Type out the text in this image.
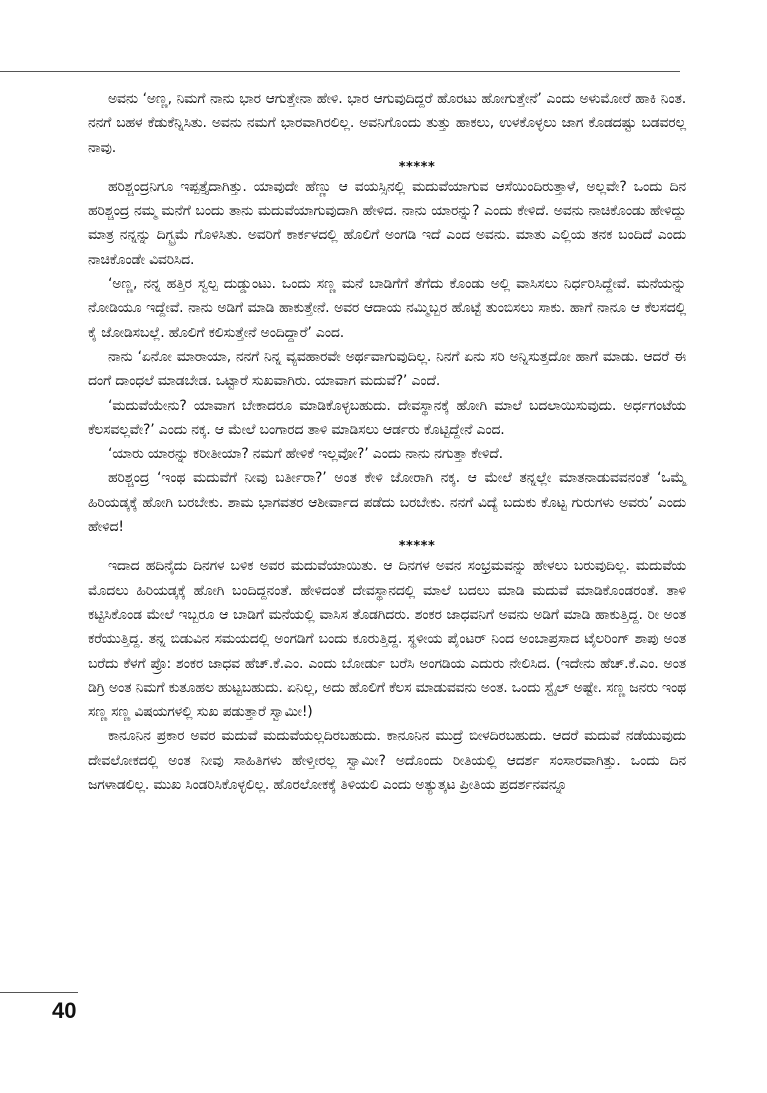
ಅವನು ‘ಅಣ್ಣ, ನಿಮಗೆ ನಾನು ಭಾರ ಆಗುತ್ತೇನಾ ಹೇಳಿ. ಭಾರ ಆಗುವುದಿದ್ದರೆ ಹೊರಟು ಹೋಗುತ್ತೇನೆ’ ಎಂದು ಅಳುಮೋರೆ ಹಾಕಿ ನಿಂತ. ನನಗೆ ಬಹಳ ಕೆಡುಕೆನ್ನಿಸಿತು. ಅವನು ನಮಗೆ ಭಾರವಾಗಿರಲಿಲ್ಲ. ಅವನಿಗೊಂದು ತುತ್ತು ಹಾಕಲು, ಉಳಕೊಳ್ಳಲು ಜಾಗ ಕೊಡದಷ್ಟು ಬಡವರಲ್ಲ ನಾವು.

*****

ಹರಿಶ್ಚಂದ್ರನಿಗೂ ಇಪ್ಪತ್ತೈದಾಗಿತ್ತು. ಯಾವುದೇ ಹೆಣ್ಣು ಆ ವಯಸ್ಸಿನಲ್ಲಿ ಮದುವೆಯಾಗುವ ಆಸೆಯಿಂದಿರುತ್ತಾಳೆ, ಅಲ್ಲವೇ? ಒಂದು ದಿನ ಹರಿಶ್ಚಂದ್ರ ನಮ್ಮ ಮನೆಗೆ ಬಂದು ತಾನು ಮದುವೆಯಾಗುವುದಾಗಿ ಹೇಳಿದ. ನಾನು ಯಾರನ್ನು? ಎಂದು ಕೇಳಿದೆ. ಅವನು ನಾಚಿಕೊಂಡು ಹೇಳಿದ್ದು ಮಾತ್ರ ನನ್ನನ್ನು ದಿಗ್ಭ್ರಮೆ ಗೊಳಿಸಿತು. ಅವರಿಗೆ ಕಾರ್ಕಳದಲ್ಲಿ ಹೊಲಿಗೆ ಅಂಗಡಿ ಇದೆ ಎಂದ ಅವನು. ಮಾತು ಎಲ್ಲಿಯ ತನಕ ಬಂದಿದೆ ಎಂದು ನಾಚಿಕೊಂಡೇ ವಿವರಿಸಿದ.

‘ಅಣ್ಣ, ನನ್ನ ಹತ್ತಿರ ಸ್ವಲ್ಪ ದುಡ್ಡುಂಟು. ಒಂದು ಸಣ್ಣ ಮನೆ ಬಾಡಿಗೆಗೆ ತೆಗೆದು ಕೊಂಡು ಅಲ್ಲಿ ವಾಸಿಸಲು ನಿರ್ಧರಿಸಿದ್ದೇವೆ. ಮನೆಯನ್ನು ನೋಡಿಯೂ ಇದ್ದೇವೆ. ನಾನು ಅಡಿಗೆ ಮಾಡಿ ಹಾಕುತ್ತೇನೆ. ಅವರ ಆದಾಯ ನಮ್ಮಿಬ್ಬರ ಹೊಟ್ಟೆ ತುಂಬಿಸಲು ಸಾಕು. ಹಾಗೆ ನಾನೂ ಆ ಕೆಲಸದಲ್ಲಿ ಕೈ ಜೋಡಿಸಬಲ್ಲೆ. ಹೊಲಿಗೆ ಕಲಿಸುತ್ತೇನೆ ಅಂದಿದ್ದಾರೆ’ ಎಂದ.

ನಾನು ‘ಏನೋ ಮಾರಾಯಾ, ನನಗೆ ನಿನ್ನ ವ್ಯವಹಾರವೇ ಅರ್ಥವಾಗುವುದಿಲ್ಲ. ನಿನಗೆ ಏನು ಸರಿ ಅನ್ನಿಸುತ್ತದೋ ಹಾಗೆ ಮಾಡು. ಆದರೆ ಈ ದಂಗೆ ದಾಂಧಲೆ ಮಾಡಬೇಡ. ಒಟ್ಟಾರೆ ಸುಖವಾಗಿರು. ಯಾವಾಗ ಮದುವೆ?’ ಎಂದೆ.

‘ಮದುವೆಯೇನು? ಯಾವಾಗ ಬೇಕಾದರೂ ಮಾಡಿಕೊಳ್ಳಬಹುದು. ದೇವಸ್ಥಾನಕ್ಕೆ ಹೋಗಿ ಮಾಲೆ ಬದಲಾಯಿಸುವುದು. ಅರ್ಧಗಂಟೆಯ ಕೆಲಸವಲ್ಲವೇ?’ ಎಂದು ನಕ್ಕ. ಆ ಮೇಲೆ ಬಂಗಾರದ ತಾಳಿ ಮಾಡಿಸಲು ಆರ್ಡರು ಕೊಟ್ಟಿದ್ದೇನೆ ಎಂದ.

‘ಯಾರು ಯಾರನ್ನು ಕರೀತೀಯಾ? ನಮಗೆ ಹೇಳಿಕೆ ಇಲ್ಲವೋ?’ ಎಂದು ನಾನು ನಗುತ್ತಾ ಕೇಳಿದೆ.

ಹರಿಶ್ಚಂದ್ರ ‘ಇಂಥ ಮದುವೆಗೆ ನೀವು ಬರ್ತೀರಾ?’ ಅಂತ ಕೇಳಿ ಜೋರಾಗಿ ನಕ್ಕ. ಆ ಮೇಲೆ ತನ್ನಲ್ಲೇ ಮಾತನಾಡುವವನಂತೆ ‘ಒಮ್ಮೆ ಹಿರಿಯಡ್ಕಕ್ಕೆ ಹೋಗಿ ಬರಬೇಕು. ಶಾಮ ಭಾಗವತರ ಆಶೀರ್ವಾದ ಪಡೆದು ಬರಬೇಕು. ನನಗೆ ವಿದ್ಯೆ ಬದುಕು ಕೊಟ್ಟ ಗುರುಗಳು ಅವರು’ ಎಂದು ಹೇಳಿದ!

*****

ಇದಾದ ಹದಿನೈದು ದಿನಗಳ ಬಳಿಕ ಅವರ ಮದುವೆಯಾಯಿತು. ಆ ದಿನಗಳ ಅವನ ಸಂಭ್ರಮವನ್ನು ಹೇಳಲು ಬರುವುದಿಲ್ಲ. ಮದುವೆಯ ಮೊದಲು ಹಿರಿಯಡ್ಕಕ್ಕೆ ಹೋಗಿ ಬಂದಿದ್ದನಂತೆ. ಹೇಳಿದಂತೆ ದೇವಸ್ಥಾನದಲ್ಲಿ ಮಾಲೆ ಬದಲು ಮಾಡಿ ಮದುವೆ ಮಾಡಿಕೊಂಡರಂತೆ. ತಾಳಿ ಕಟ್ಟಿಸಿಕೊಂಡ ಮೇಲೆ ಇಬ್ಬರೂ ಆ ಬಾಡಿಗೆ ಮನೆಯಲ್ಲಿ ವಾಸಿಸ ತೊಡಗಿದರು. ಶಂಕರ ಜಾಧವನಿಗೆ ಅವನು ಅಡಿಗೆ ಮಾಡಿ ಹಾಕುತ್ತಿದ್ದ. ರೀ ಅಂತ ಕರೆಯುತ್ತಿದ್ದ. ತನ್ನ ಬಿಡುವಿನ ಸಮಯದಲ್ಲಿ ಅಂಗಡಿಗೆ ಬಂದು ಕೂರುತ್ತಿದ್ದ. ಸ್ಥಳೀಯ ಪೈಂಟರ್ ನಿಂದ ಅಂಬಾಪ್ರಸಾದ ಟೈಲರಿಂಗ್ ಶಾಪು ಅಂತ ಬರೆದು ಕೆಳಗೆ ಪ್ರೊ: ಶಂಕರ ಜಾಧವ ಹೆಚ್.ಕೆ.ಎಂ. ಎಂದು ಬೋರ್ಡು ಬರೆಸಿ ಅಂಗಡಿಯ ಎದುರು ನೇಲಿಸಿದ. (ಇದೇನು ಹೆಚ್.ಕೆ.ಎಂ. ಅಂತ ಡಿಗ್ರಿ ಅಂತ ನಿಮಗೆ ಕುತೂಹಲ ಹುಟ್ಟಬಹುದು. ಏನಿಲ್ಲ, ಅದು ಹೊಲಿಗೆ ಕೆಲಸ ಮಾಡುವವನು ಅಂತ. ಒಂದು ಸ್ಟೈಲ್ ಅಷ್ಟೇ. ಸಣ್ಣ ಜನರು ಇಂಥ ಸಣ್ಣ ಸಣ್ಣ ವಿಷಯಗಳಲ್ಲಿ ಸುಖ ಪಡುತ್ತಾರೆ ಸ್ವಾಮೀ!)

ಕಾನೂನಿನ ಪ್ರಕಾರ ಅವರ ಮದುವೆ ಮದುವೆಯಲ್ಲದಿರಬಹುದು. ಕಾನೂನಿನ ಮುದ್ರೆ ಬೀಳದಿರಬಹುದು. ಆದರೆ ಮದುವೆ ನಡೆಯುವುದು ದೇವಲೋಕದಲ್ಲಿ ಅಂತ ನೀವು ಸಾಹಿತಿಗಳು ಹೇಳ್ತೀರಲ್ಲ ಸ್ವಾಮೀ? ಅದೊಂದು ರೀತಿಯಲ್ಲಿ ಆದರ್ಶ ಸಂಸಾರವಾಗಿತ್ತು. ಒಂದು ದಿನ ಜಗಳಾಡಲಿಲ್ಲ. ಮುಖ ಸಿಂಡರಿಸಿಕೊಳ್ಳಲಿಲ್ಲ. ಹೊರಲೋಕಕ್ಕೆ ತಿಳಿಯಲಿ ಎಂದು ಅತ್ಯುತ್ಕಟ ಪ್ರೀತಿಯ ಪ್ರದರ್ಶನವನ್ನೂ

40
